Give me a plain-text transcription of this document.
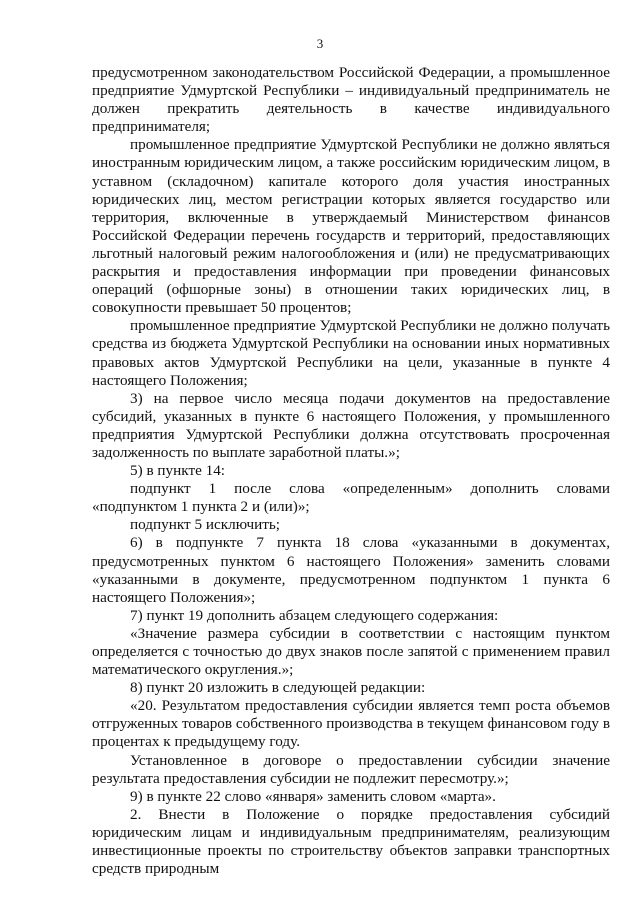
3

предусмотренном законодательством Российской Федерации, а промышленное предприятие Удмуртской Республики – индивидуальный предприниматель не должен прекратить деятельность в качестве индивидуального предпринимателя;

промышленное предприятие Удмуртской Республики не должно являться иностранным юридическим лицом, а также российским юридическим лицом, в уставном (складочном) капитале которого доля участия иностранных юридических лиц, местом регистрации которых является государство или территория, включенные в утверждаемый Министерством финансов Российской Федерации перечень государств и территорий, предоставляющих льготный налоговый режим налогообложения и (или) не предусматривающих раскрытия и предоставления информации при проведении финансовых операций (офшорные зоны) в отношении таких юридических лиц, в совокупности превышает 50 процентов;

промышленное предприятие Удмуртской Республики не должно получать средства из бюджета Удмуртской Республики на основании иных нормативных правовых актов Удмуртской Республики на цели, указанные в пункте 4 настоящего Положения;

3) на первое число месяца подачи документов на предоставление субсидий, указанных в пункте 6 настоящего Положения, у промышленного предприятия Удмуртской Республики должна отсутствовать просроченная задолженность по выплате заработной платы.»;

5) в пункте 14:

подпункт 1 после слова «определенным» дополнить словами «подпунктом 1 пункта 2 и (или)»;

подпункт 5 исключить;

6) в подпункте 7 пункта 18 слова «указанными в документах, предусмотренных пунктом 6 настоящего Положения» заменить словами «указанными в документе, предусмотренном подпунктом 1 пункта 6 настоящего Положения»;

7) пункт 19 дополнить абзацем следующего содержания:

«Значение размера субсидии в соответствии с настоящим пунктом определяется с точностью до двух знаков после запятой с применением правил математического округления.»;

8) пункт 20 изложить в следующей редакции:

«20. Результатом предоставления субсидии является темп роста объемов отгруженных товаров собственного производства в текущем финансовом году в процентах к предыдущему году.

Установленное в договоре о предоставлении субсидии значение результата предоставления субсидии не подлежит пересмотру.»;

9) в пункте 22 слово «января» заменить словом «марта».

2. Внести в Положение о порядке предоставления субсидий юридическим лицам и индивидуальным предпринимателям, реализующим инвестиционные проекты по строительству объектов заправки транспортных средств природным
